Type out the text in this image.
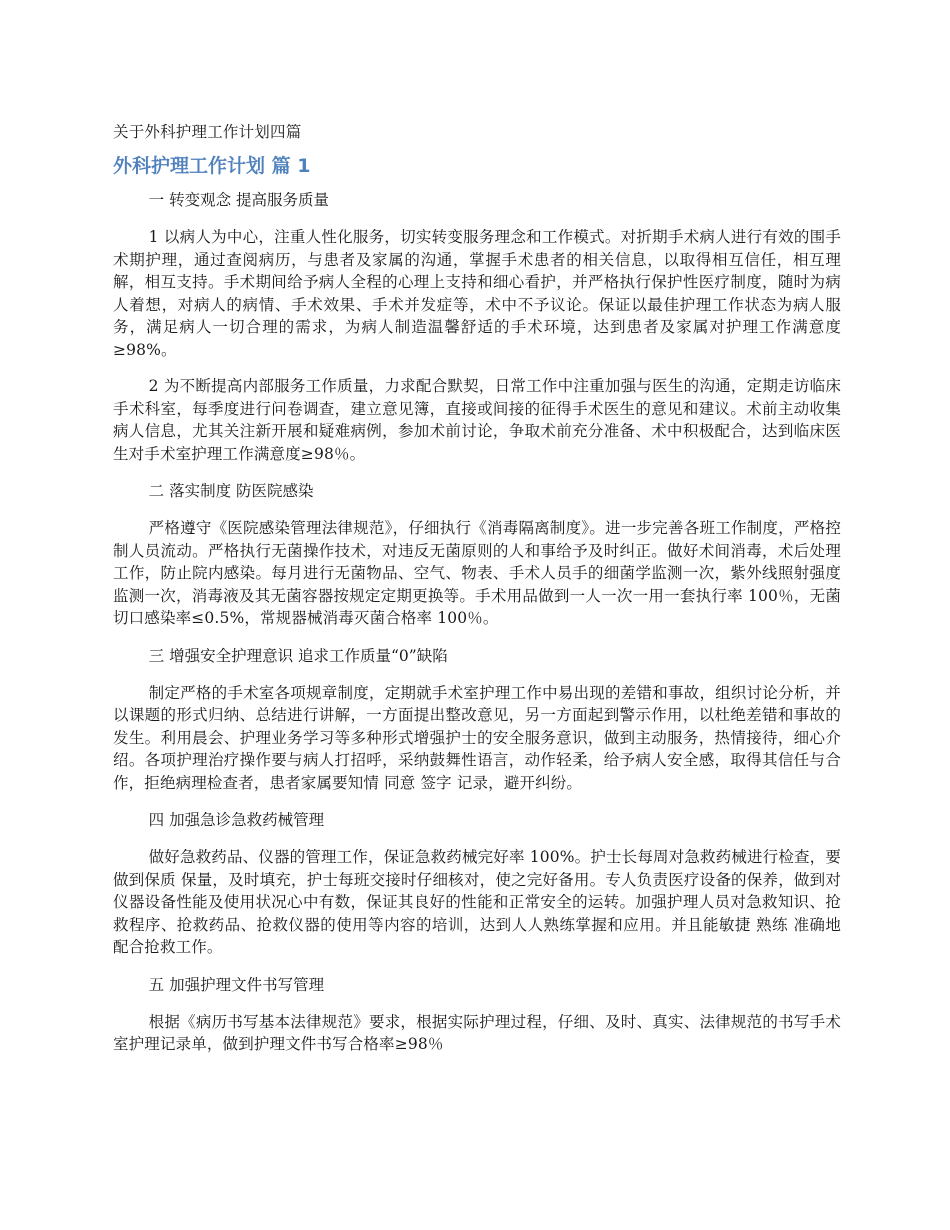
关于外科护理工作计划四篇
外科护理工作计划 篇 1
一 转变观念 提高服务质量

1 以病人为中心，注重人性化服务，切实转变服务理念和工作模式。对折期手术病人进行有效的围手术期护理，通过查阅病历，与患者及家属的沟通，掌握手术患者的相关信息，以取得相互信任，相互理解，相互支持。手术期间给予病人全程的心理上支持和细心看护，并严格执行保护性医疗制度，随时为病人着想，对病人的病情、手术效果、手术并发症等，术中不予议论。保证以最佳护理工作状态为病人服务，满足病人一切合理的需求，为病人制造温馨舒适的手术环境，达到患者及家属对护理工作满意度≥98%。

2 为不断提高内部服务工作质量，力求配合默契，日常工作中注重加强与医生的沟通，定期走访临床手术科室，每季度进行问卷调查，建立意见簿，直接或间接的征得手术医生的意见和建议。术前主动收集病人信息，尤其关注新开展和疑难病例，参加术前讨论，争取术前充分准备、术中积极配合，达到临床医生对手术室护理工作满意度≥98％。

二 落实制度 防医院感染

严格遵守《医院感染管理法律规范》，仔细执行《消毒隔离制度》。进一步完善各班工作制度，严格控制人员流动。严格执行无菌操作技术，对违反无菌原则的人和事给予及时纠正。做好术间消毒，术后处理工作，防止院内感染。每月进行无菌物品、空气、物表、手术人员手的细菌学监测一次，紫外线照射强度监测一次，消毒液及其无菌容器按规定定期更换等。手术用品做到一人一次一用一套执行率 100％，无菌切口感染率≤0.5%，常规器械消毒灭菌合格率 100％。

三 增强安全护理意识 追求工作质量“0”缺陷

制定严格的手术室各项规章制度，定期就手术室护理工作中易出现的差错和事故，组织讨论分析，并以课题的形式归纳、总结进行讲解，一方面提出整改意见，另一方面起到警示作用，以杜绝差错和事故的发生。利用晨会、护理业务学习等多种形式增强护士的安全服务意识，做到主动服务，热情接待，细心介绍。各项护理治疗操作要与病人打招呼，采纳鼓舞性语言，动作轻柔，给予病人安全感，取得其信任与合作，拒绝病理检查者，患者家属要知情 同意 签字 记录，避开纠纷。

四 加强急诊急救药械管理

做好急救药品、仪器的管理工作，保证急救药械完好率 100%。护士长每周对急救药械进行检查，要做到保质 保量，及时填充，护士每班交接时仔细核对，使之完好备用。专人负责医疗设备的保养，做到对仪器设备性能及使用状况心中有数，保证其良好的性能和正常安全的运转。加强护理人员对急救知识、抢救程序、抢救药品、抢救仪器的使用等内容的培训，达到人人熟练掌握和应用。并且能敏捷 熟练 准确地配合抢救工作。

五 加强护理文件书写管理

根据《病历书写基本法律规范》要求，根据实际护理过程，仔细、及时、真实、法律规范的书写手术室护理记录单，做到护理文件书写合格率≥98％
